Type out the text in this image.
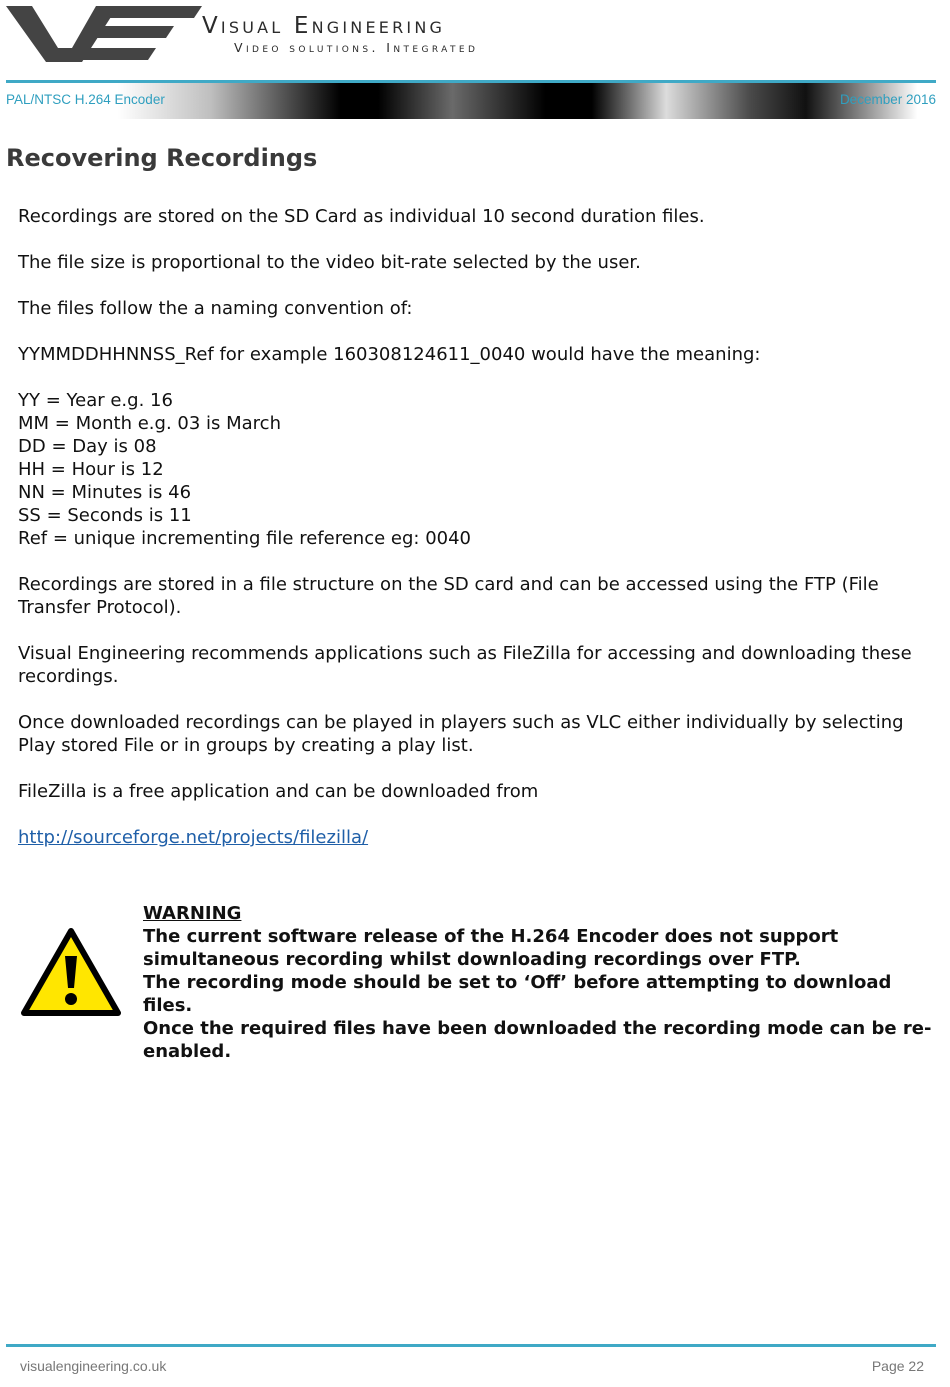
Visual Engineering
Video solutions. Integrated
PAL/NTSC H.264 Encoder	December 2016
Recovering Recordings

Recordings are stored on the SD Card as individual 10 second duration files.

The file size is proportional to the video bit-rate selected by the user.

The files follow the a naming convention of:

YYMMDDHHNNSS_Ref for example 160308124611_0040 would have the meaning:

YY = Year e.g. 16
MM = Month e.g. 03 is March
DD = Day is 08
HH = Hour is 12
NN = Minutes is 46
SS = Seconds is 11
Ref = unique incrementing file reference eg: 0040

Recordings are stored in a file structure on the SD card and can be accessed using the FTP (File Transfer Protocol).

Visual Engineering recommends applications such as FileZilla for accessing and downloading these recordings.

Once downloaded recordings can be played in players such as VLC either individually by selecting Play stored File or in groups by creating a play list.

FileZilla is a free application and can be downloaded from

http://sourceforge.net/projects/filezilla/

WARNING
The current software release of the H.264 Encoder does not support simultaneous recording whilst downloading recordings over FTP.
The recording mode should be set to ‘Off’ before attempting to download files.
Once the required files have been downloaded the recording mode can be re-enabled.
visualengineering.co.uk	Page 22
